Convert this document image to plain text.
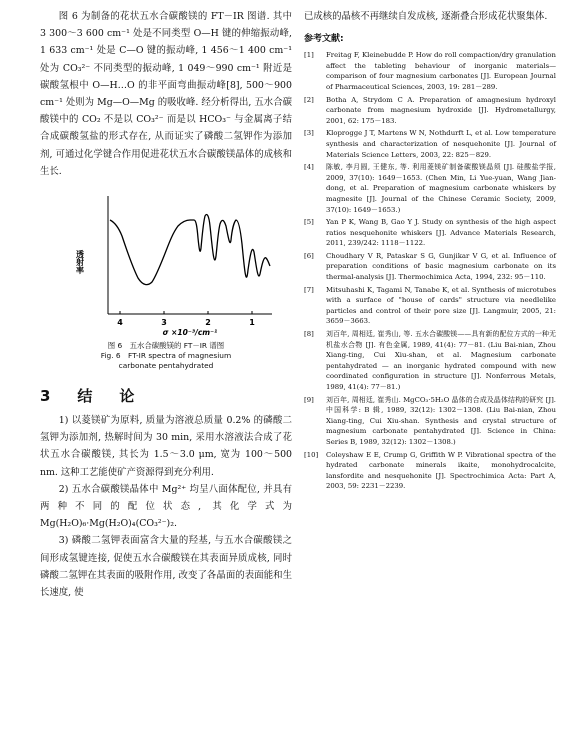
图 6 为制备的花状五水合碳酸镁的 FT－IR 图谱. 其中 3 300～3 600 cm⁻¹ 处是不同类型 O—H 键的伸缩振动峰, 1 633 cm⁻¹ 处是 C—O 键的振动峰, 1 456～1 400 cm⁻¹ 处为 CO₃²⁻ 不同类型的振动峰, 1 049～990 cm⁻¹ 附近是碳酸氢根中 O—H…O 的非平面弯曲振动峰[8], 500～900 cm⁻¹ 处则为 Mg—O—Mg 的吸收峰. 经分析得出, 五水合碳酸镁中的 CO₂ 不是以 CO₃²⁻ 而是以 HCO₃⁻ 与金属离子结合成碳酸氢盐的形式存在, 从而证实了磷酸二氢钾作为添加剂, 可通过化学键合作用促进花状五水合碳酸镁晶体的成核和生长.

透射率
4	3	2	1
σ ×10⁻³/cm⁻¹
图 6　五水合碳酸镁的 FT－IR 谱图
Fig. 6　FT-IR spectra of magnesium
carbonate pentahydrated
3　结　论

1) 以菱镁矿为原料, 质量为溶液总质量 0.2% 的磷酸二氢钾为添加剂, 热解时间为 30 min, 采用水溶液法合成了花状五水合碳酸镁, 其长为 1.5～3.0 μm, 宽为 100～500 nm. 这种工艺能使矿产资源得到充分利用.

2) 五水合碳酸镁晶体中 Mg²⁺ 均呈八面体配位, 并具有两种不同的配位状态, 其化学式为 Mg(H₂O)₆·Mg(H₂O)₄(CO₃²⁻)₂.

3) 磷酸二氢钾表面富含大量的羟基, 与五水合碳酸镁之间形成氢键连接, 促使五水合碳酸镁在其表面异质成核, 同时磷酸二氢钾在其表面的吸附作用, 改变了各晶面的表面能和生长速度, 使

已成核的晶核不再继续自发成核, 逐渐叠合形成花状聚集体.

参考文献:
[1]	Freitag F, Kleinebudde P. How do roll compaction/dry granulation affect the tableting behaviour of inorganic materials—comparison of four magnesium carbonates [J]. European Journal of Pharmaceutical Sciences, 2003, 19: 281－289.
[2]	Botha A, Strydom C A. Preparation of amagnesium hydroxyl carbonate from magnesium hydroxide [J]. Hydrometallurgy, 2001, 62: 175－183.
[3]	Kloprogge J T, Martens W N, Nothdurft L, et al. Low temperature synthesis and characterization of nesquehonite [J]. Journal of Materials Science Letters, 2003, 22: 825－829.
[4]	陈敏, 李月圆, 王健东, 等. 利用菱镁矿制备碳酸镁晶须 [J]. 硅酸盐学报, 2009, 37(10): 1649－1653. (Chen Min, Li Yue-yuan, Wang Jian-dong, et al. Preparation of magnesium carbonate whiskers by magnesite [J]. Journal of the Chinese Ceramic Society, 2009, 37(10): 1649－1653.)
[5]	Yan P K, Wang B, Gao Y J. Study on synthesis of the high aspect ratios nesquehonite whiskers [J]. Advance Materials Research, 2011, 239/242: 1118－1122.
[6]	Choudhary V R, Pataskar S G, Gunjikar V G, et al. Influence of preparation conditions of basic magnesium carbonate on its thermal-analysis [J]. Thermochimica Acta, 1994, 232: 95－110.
[7]	Mitsuhashi K, Tagami N, Tanabe K, et al. Synthesis of microtubes with a surface of "house of cards" structure via needlelike particles and control of their pore size [J]. Langmuir, 2005, 21: 3659－3663.
[8]	刘百年, 周相廷, 崔秀山, 等. 五水合碳酸镁——具有新的配位方式的一种无机盐水合物 [J]. 有色金属, 1989, 41(4): 77－81. (Liu Bai-nian, Zhou Xiang-ting, Cui Xiu-shan, et al. Magnesium carbonate pentahydrated — an inorganic hydrated compound with new coordinated configuration in structure [J]. Nonferrous Metals, 1989, 41(4): 77－81.)
[9]	刘百年, 周相廷, 崔秀山. MgCO₃·5H₂O 晶体的合成及晶体结构的研究 [J]. 中国科学: B 辑, 1989, 32(12): 1302－1308. (Liu Bai-nian, Zhou Xiang-ting, Cui Xiu-shan. Synthesis and crystal structure of magnesium carbonate pentahydrated [J]. Science in China: Series B, 1989, 32(12): 1302－1308.)
[10]	Coleyshaw E E, Crump G, Griffith W P. Vibrational spectra of the hydrated carbonate minerals ikaite, monohydrocalcite, lansfordite and nesquehonite [J]. Spectrochimica Acta: Part A, 2003, 59: 2231－2239.
